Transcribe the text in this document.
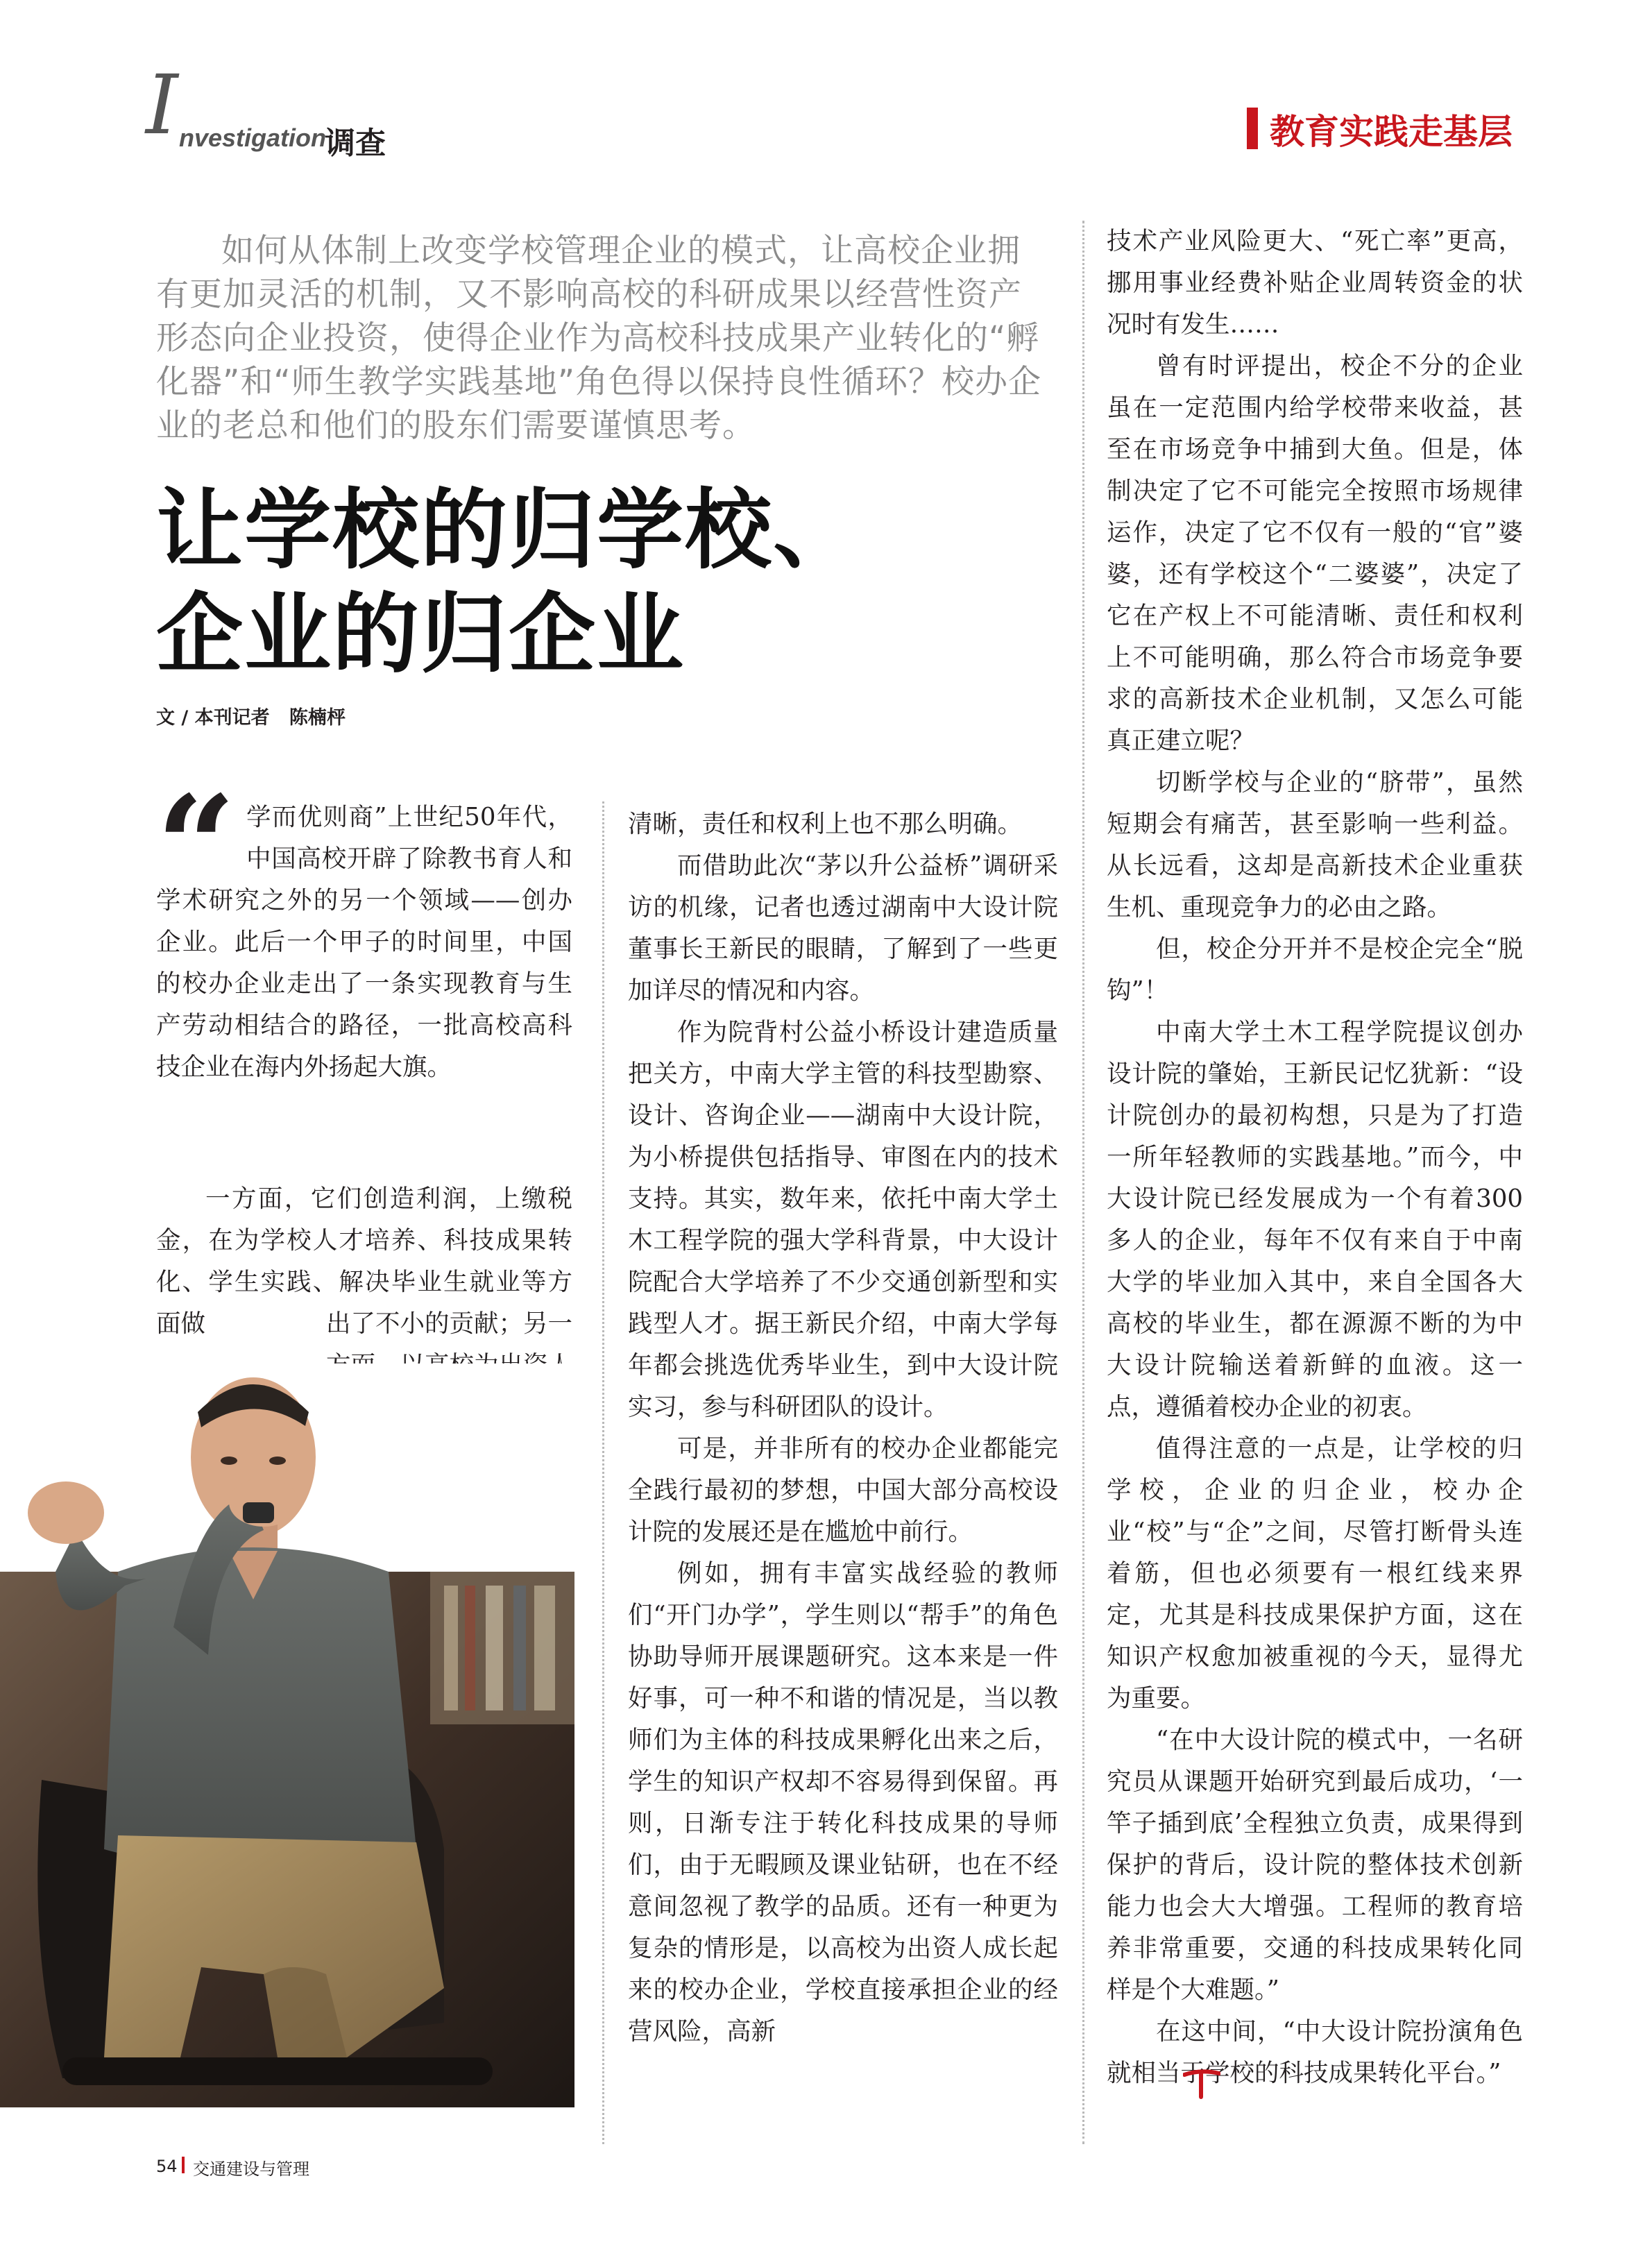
I nvestigation
调查	教育实践走基层

如何从体制上改变学校管理企业的模式，让高校企业拥有更加灵活的机制，又不影响高校的科研成果以经营性资产形态向企业投资，使得企业作为高校科技成果产业转化的“孵化器”和“师生教学实践基地”角色得以保持良性循环？校办企业的老总和他们的股东们需要谨慎思考。

让学校的归学校、
企业的归企业
文 / 本刊记者   陈楠枰
“ 学而优则商”上世纪50年代，中国高校开辟了除教书育人和学术研究之外的另一个领域——创办企业。此后一个甲子的时间里，中国的校办企业走出了一条实现教育与生产劳动相结合的路径，一批高校高科技企业在海内外扬起大旗。

一方面，它们创造利润，上缴税金，在为学校人才培养、科技成果转化、学生实践、解决毕业生就业等方面做	出了不小的贡献；另一

清晰，责任和权利上也不那么明确。

而借助此次“茅以升公益桥”调研采访的机缘，记者也透过湖南中大设计院董事长王新民的眼睛，了解到了一些更加详尽的情况和内容。

作为院背村公益小桥设计建造质量把关方，中南大学主管的科技型勘察、设计、咨询企业——湖南中大设计院，为小桥提供包括指导、审图在内的技术支持。其实，数年来，依托中南大学土木工程学院的强大学科背景，中大设计院配合大学培养了不少交通创新型和实践型人才。据王新民介绍，中南大学每年都会挑选优秀毕业生，到中大设计院实习，参与科研团队的设计。

可是，并非所有的校办企业都能完全践行最初的梦想，中国大部分高校设计院的发展还是在尴尬中前行。

例如，拥有丰富实战经验的教师们“开门办学”，学生则以“帮手”的角色协助导师开展课题研究。这本来是一件好事，可一种不和谐的情况是，当以教师们为主体的科技成果孵化出来之后，学生的知识产权却不容易得到保留。再则，日渐专注于转化科技成果的导师们，由于无暇顾及课业钻研，也在不经意间忽视了教学的品质。还有一种更为复杂的情形是，以高校为出资人成长起来的校办企业，学校直接承担企业的经营风险，高新

技术产业风险更大、“死亡率”更高，挪用事业经费补贴企业周转资金的状况时有发生……

曾有时评提出，校企不分的企业虽在一定范围内给学校带来收益，甚至在市场竞争中捕到大鱼。但是，体制决定了它不可能完全按照市场规律运作，决定了它不仅有一般的“官”婆婆，还有学校这个“二婆婆”，决定了它在产权上不可能清晰、责任和权利上不可能明确，那么符合市场竞争要求的高新技术企业机制，又怎么可能真正建立呢？

切断学校与企业的“脐带”，虽然短期会有痛苦，甚至影响一些利益。从长远看，这却是高新技术企业重获生机、重现竞争力的必由之路。

但，校企分开并不是校企完全“脱钩”！

中南大学土木工程学院提议创办设计院的肇始，王新民记忆犹新：“设计院创办的最初构想，只是为了打造一所年轻教师的实践基地。”而今，中大设计院已经发展成为一个有着300多人的企业，每年不仅有来自于中南大学的毕业加入其中，来自全国各大高校的毕业生，都在源源不断的为中大设计院输送着新鲜的血液。这一点，遵循着校办企业的初衷。

值得注意的一点是，让学校的归学校，企业的归企业，校办企业“校”与“企”之间，尽管打断骨头连着筋，但也必须要有一根红线来界定，尤其是科技成果保护方面，这在知识产权愈加被重视的今天，显得尤为重要。

“在中大设计院的模式中，一名研究员从课题开始研究到最后成功，‘一竿子插到底’全程独立负责，成果得到保护的背后，设计院的整体技术创新能力也会大大增强。工程师的教育培养非常重要，交通的科技成果转化同样是个大难题。”

在这中间，“中大设计院扮演角色就相当于学校的科技成果转化平台。”

54 交通建设与管理
